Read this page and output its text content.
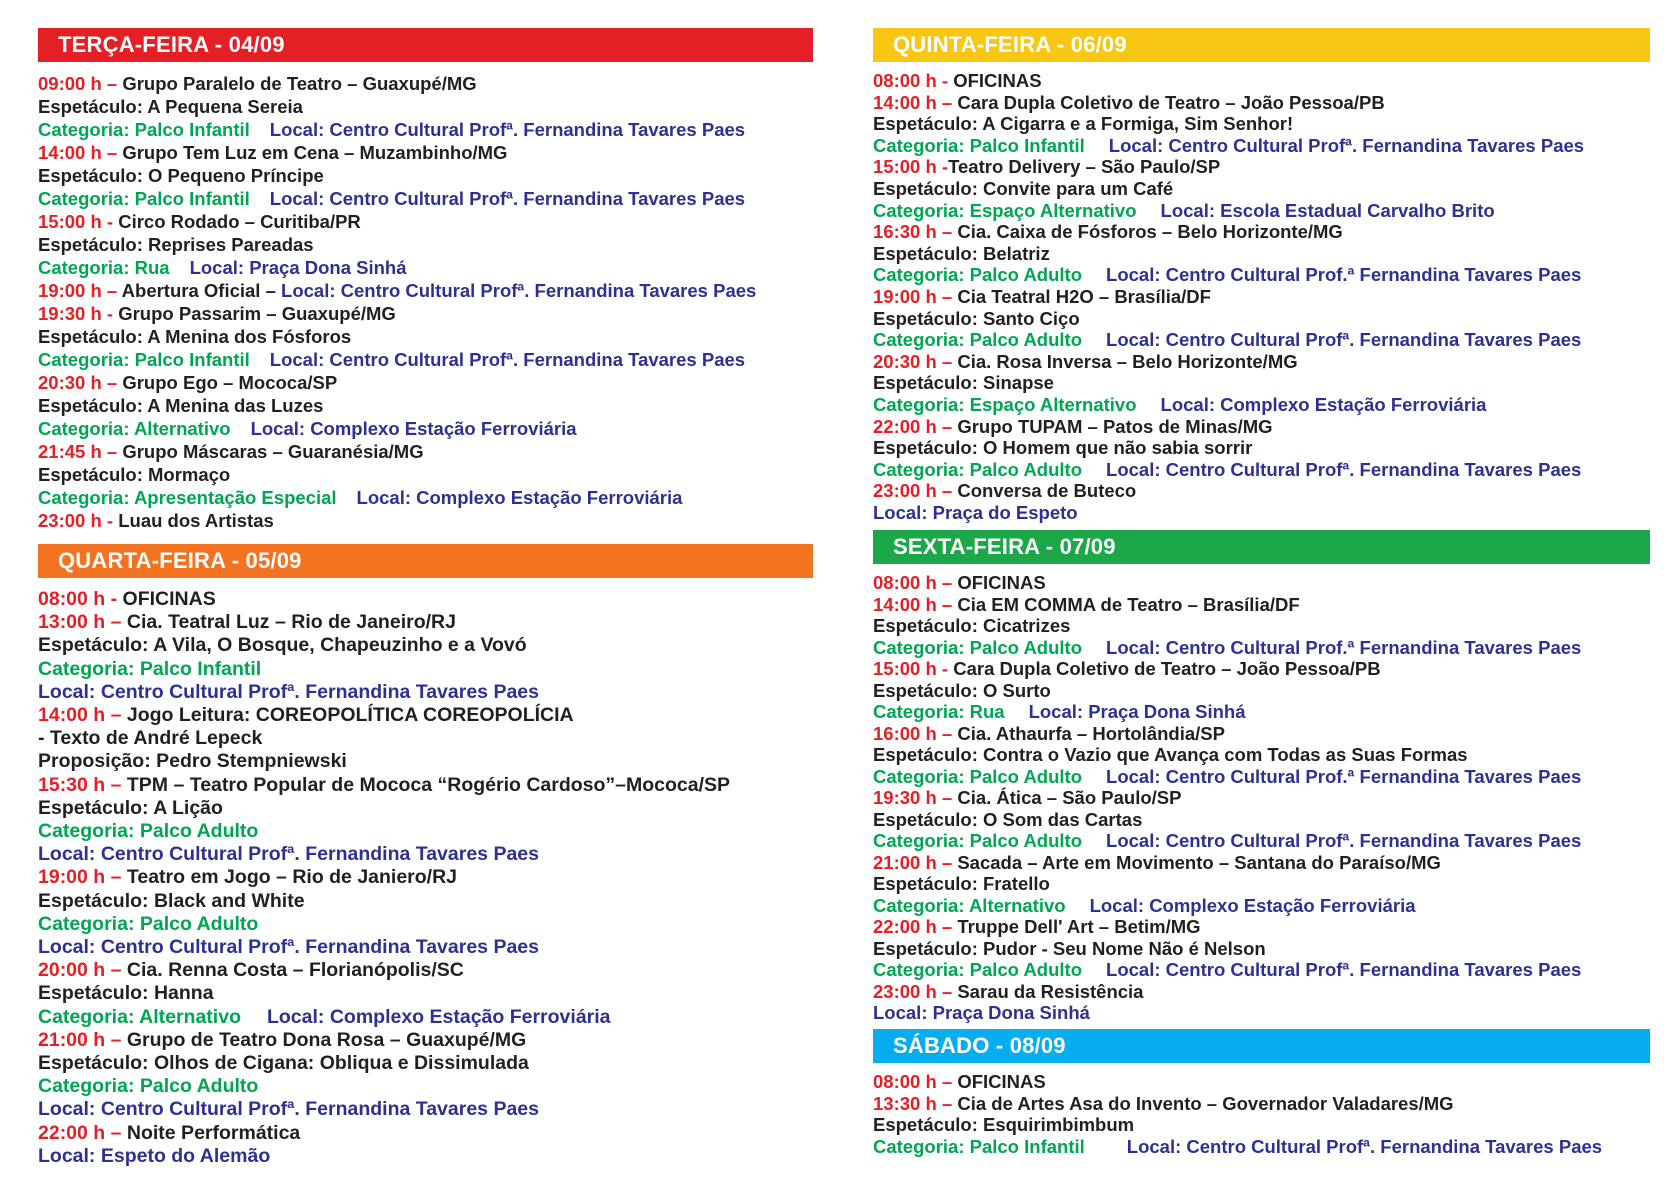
TERÇA-FEIRA - 04/09
09:00 h – Grupo Paralelo de Teatro – Guaxupé/MG
Espetáculo: A Pequena Sereia
Categoria: Palco Infantil Local: Centro Cultural Profª. Fernandina Tavares Paes
14:00 h – Grupo Tem Luz em Cena – Muzambinho/MG
Espetáculo: O Pequeno Príncipe
Categoria: Palco Infantil Local: Centro Cultural Profª. Fernandina Tavares Paes
15:00 h - Circo Rodado – Curitiba/PR
Espetáculo: Reprises Pareadas
Categoria: Rua Local: Praça Dona Sinhá
19:00 h – Abertura Oficial – Local: Centro Cultural Profª. Fernandina Tavares Paes
19:30 h - Grupo Passarim – Guaxupé/MG
Espetáculo: A Menina dos Fósforos
Categoria: Palco Infantil Local: Centro Cultural Profª. Fernandina Tavares Paes
20:30 h – Grupo Ego – Mococa/SP
Espetáculo: A Menina das Luzes
Categoria: Alternativo Local: Complexo Estação Ferroviária
21:45 h – Grupo Máscaras – Guaranésia/MG
Espetáculo: Mormaço
Categoria: Apresentação Especial Local: Complexo Estação Ferroviária
23:00 h - Luau dos Artistas
QUARTA-FEIRA - 05/09
08:00 h - OFICINAS
13:00 h – Cia. Teatral Luz – Rio de Janeiro/RJ
Espetáculo: A Vila, O Bosque, Chapeuzinho e a Vovó
Categoria: Palco Infantil
Local: Centro Cultural Profª. Fernandina Tavares Paes
14:00 h – Jogo Leitura: COREOPOLÍTICA COREOPOLÍCIA
- Texto de André Lepeck
Proposição: Pedro Stempniewski
15:30 h – TPM – Teatro Popular de Mococa “Rogério Cardoso”–Mococa/SP
Espetáculo: A Lição
Categoria: Palco Adulto
Local: Centro Cultural Profª. Fernandina Tavares Paes
19:00 h – Teatro em Jogo – Rio de Janiero/RJ
Espetáculo: Black and White
Categoria: Palco Adulto
Local: Centro Cultural Profª. Fernandina Tavares Paes
20:00 h – Cia. Renna Costa – Florianópolis/SC
Espetáculo: Hanna
Categoria: Alternativo Local: Complexo Estação Ferroviária
21:00 h – Grupo de Teatro Dona Rosa – Guaxupé/MG
Espetáculo: Olhos de Cigana: Obliqua e Dissimulada
Categoria: Palco Adulto
Local: Centro Cultural Profª. Fernandina Tavares Paes
22:00 h – Noite Performática
Local: Espeto do Alemão
QUINTA-FEIRA - 06/09
08:00 h - OFICINAS
14:00 h – Cara Dupla Coletivo de Teatro – João Pessoa/PB
Espetáculo: A Cigarra e a Formiga, Sim Senhor!
Categoria: Palco Infantil Local: Centro Cultural Profª. Fernandina Tavares Paes
15:00 h -Teatro Delivery – São Paulo/SP
Espetáculo: Convite para um Café
Categoria: Espaço Alternativo Local: Escola Estadual Carvalho Brito
16:30 h – Cia. Caixa de Fósforos – Belo Horizonte/MG
Espetáculo: Belatriz
Categoria: Palco Adulto Local: Centro Cultural Prof.ª Fernandina Tavares Paes
19:00 h – Cia Teatral H2O – Brasília/DF
Espetáculo: Santo Ciço
Categoria: Palco Adulto Local: Centro Cultural Profª. Fernandina Tavares Paes
20:30 h – Cia. Rosa Inversa – Belo Horizonte/MG
Espetáculo: Sinapse
Categoria: Espaço Alternativo Local: Complexo Estação Ferroviária
22:00 h – Grupo TUPAM – Patos de Minas/MG
Espetáculo: O Homem que não sabia sorrir
Categoria: Palco Adulto Local: Centro Cultural Profª. Fernandina Tavares Paes
23:00 h – Conversa de Buteco
Local: Praça do Espeto
SEXTA-FEIRA - 07/09
08:00 h – OFICINAS
14:00 h – Cia EM COMMA de Teatro – Brasília/DF
Espetáculo: Cicatrizes
Categoria: Palco Adulto Local: Centro Cultural Prof.ª Fernandina Tavares Paes
15:00 h - Cara Dupla Coletivo de Teatro – João Pessoa/PB
Espetáculo: O Surto
Categoria: Rua Local: Praça Dona Sinhá
16:00 h – Cia. Athaurfa – Hortolândia/SP
Espetáculo: Contra o Vazio que Avança com Todas as Suas Formas
Categoria: Palco Adulto Local: Centro Cultural Prof.ª Fernandina Tavares Paes
19:30 h – Cia. Ática – São Paulo/SP
Espetáculo: O Som das Cartas
Categoria: Palco Adulto Local: Centro Cultural Profª. Fernandina Tavares Paes
21:00 h – Sacada – Arte em Movimento – Santana do Paraíso/MG
Espetáculo: Fratello
Categoria: Alternativo Local: Complexo Estação Ferroviária
22:00 h – Truppe Dell' Art – Betim/MG
Espetáculo: Pudor - Seu Nome Não é Nelson
Categoria: Palco Adulto Local: Centro Cultural Profª. Fernandina Tavares Paes
23:00 h – Sarau da Resistência
Local: Praça Dona Sinhá
SÁBADO - 08/09
08:00 h – OFICINAS
13:30 h – Cia de Artes Asa do Invento – Governador Valadares/MG
Espetáculo: Esquirimbimbum
Categoria: Palco Infantil Local: Centro Cultural Profª. Fernandina Tavares Paes
